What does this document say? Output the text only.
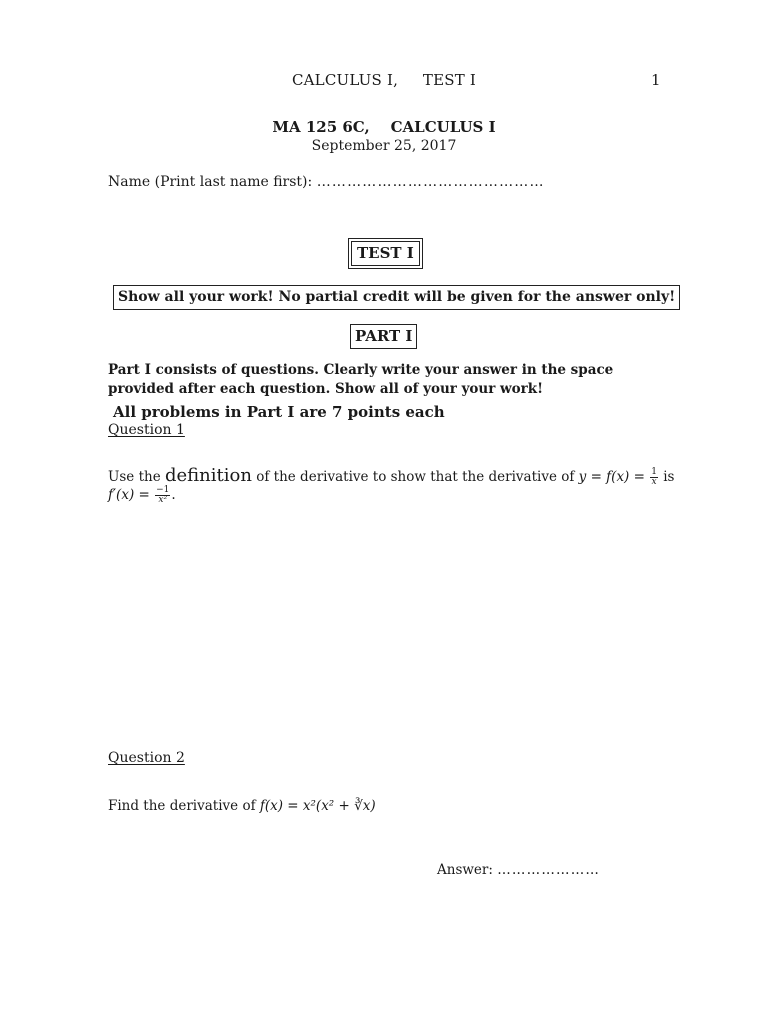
CALCULUS I,     TEST I	1
MA 125 6C,    CALCULUS I
September 25, 2017
Name (Print last name first): ………………………………………
TEST I
Show all your work! No partial credit will be given for the answer only!
PART I
Part I consists of questions. Clearly write your answer in the space provided after each question. Show all of your your work!
All problems in Part I are 7 points each
Question 1
Use the definition of the derivative to show that the derivative of $y = f(x) = \frac{1}{x}$ is
$f'(x) = \frac{-1}{\text{x²}}$ .
Question 2
Find the derivative of f(x) = x²(x² + ∛x)
Answer: …………………
